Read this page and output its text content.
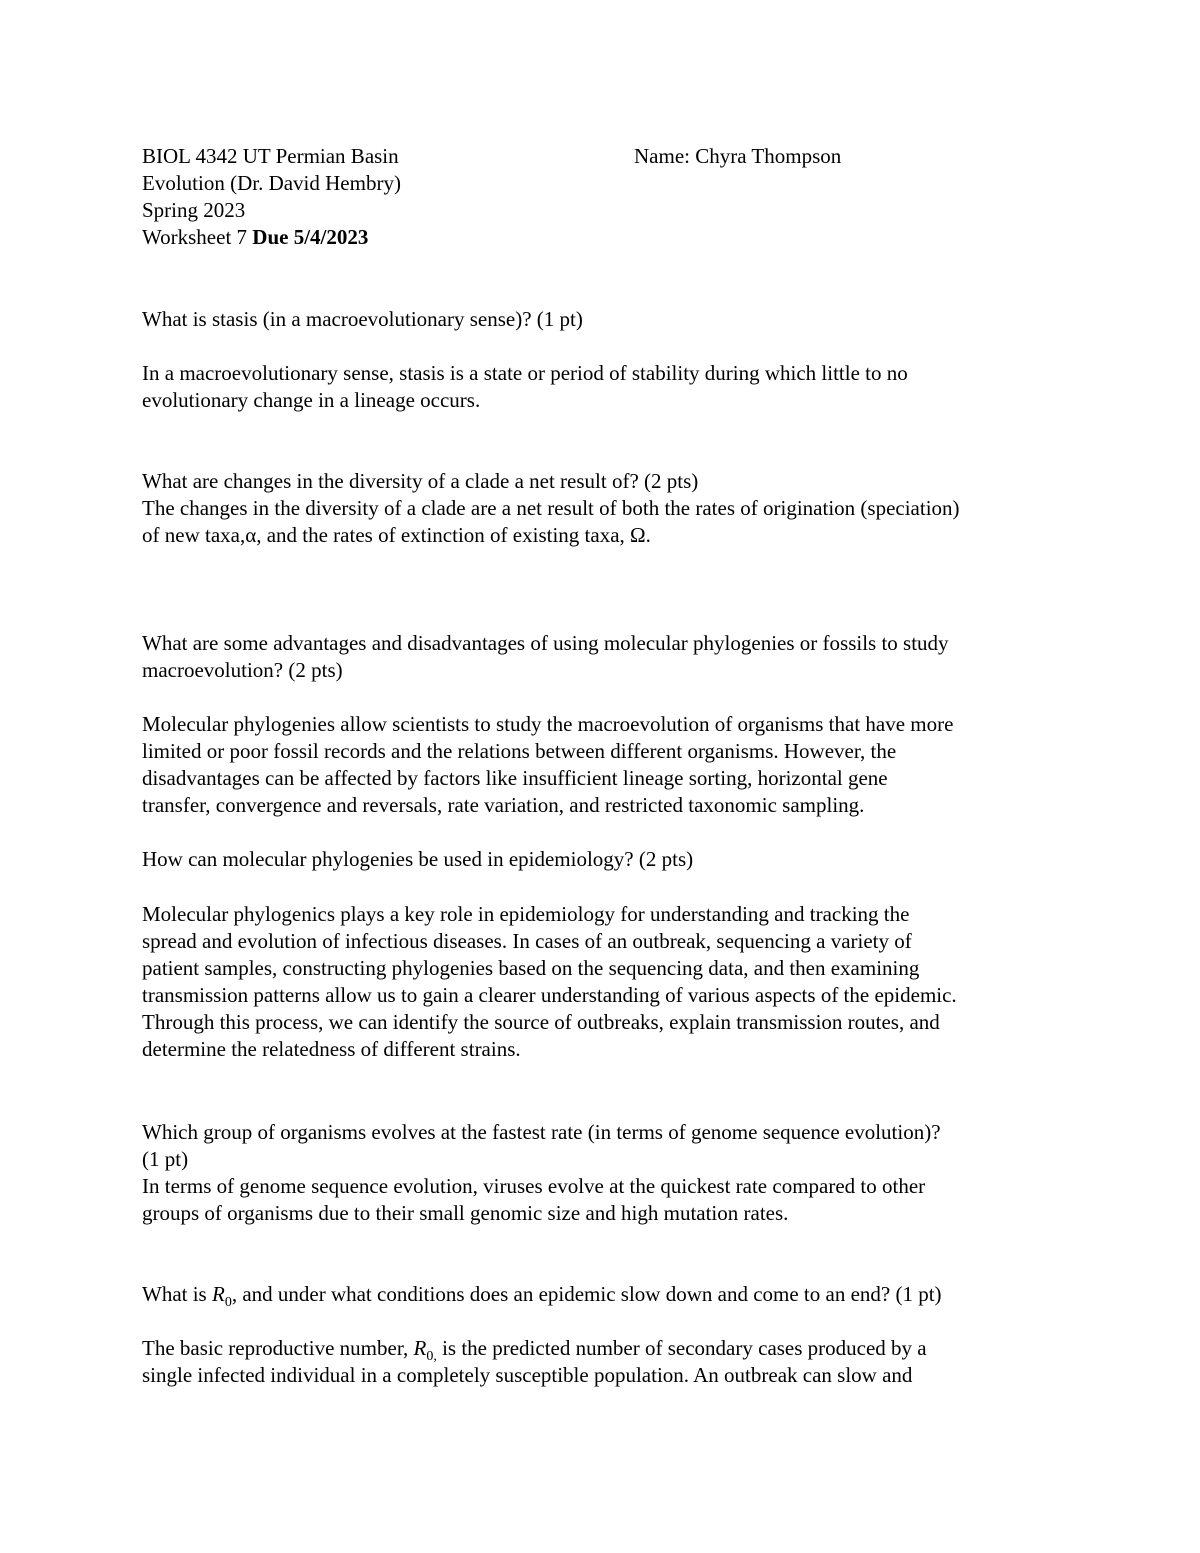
BIOL 4342 UT Permian Basin
Evolution (Dr. David Hembry)
Spring 2023
Worksheet 7 Due 5/4/2023
Name: Chyra Thompson
What is stasis (in a macroevolutionary sense)? (1 pt)
In a macroevolutionary sense, stasis is a state or period of stability during which little to no
evolutionary change in a lineage occurs.
What are changes in the diversity of a clade a net result of? (2 pts)
The changes in the diversity of a clade are a net result of both the rates of origination (speciation)
of new taxa,α, and the rates of extinction of existing taxa, Ω.
What are some advantages and disadvantages of using molecular phylogenies or fossils to study
macroevolution? (2 pts)
Molecular phylogenies allow scientists to study the macroevolution of organisms that have more
limited or poor fossil records and the relations between different organisms. However, the
disadvantages can be affected by factors like insufficient lineage sorting, horizontal gene
transfer, convergence and reversals, rate variation, and restricted taxonomic sampling.
How can molecular phylogenies be used in epidemiology? (2 pts)
Molecular phylogenics plays a key role in epidemiology for understanding and tracking the
spread and evolution of infectious diseases. In cases of an outbreak, sequencing a variety of
patient samples, constructing phylogenies based on the sequencing data, and then examining
transmission patterns allow us to gain a clearer understanding of various aspects of the epidemic.
Through this process, we can identify the source of outbreaks, explain transmission routes, and
determine the relatedness of different strains.
Which group of organisms evolves at the fastest rate (in terms of genome sequence evolution)?
(1 pt)
In terms of genome sequence evolution, viruses evolve at the quickest rate compared to other
groups of organisms due to their small genomic size and high mutation rates.
What is $R_0$, and under what conditions does an epidemic slow down and come to an end? (1 pt)
The basic reproductive number, $R_{0,}$ is the predicted number of secondary cases produced by a
single infected individual in a completely susceptible population. An outbreak can slow and
